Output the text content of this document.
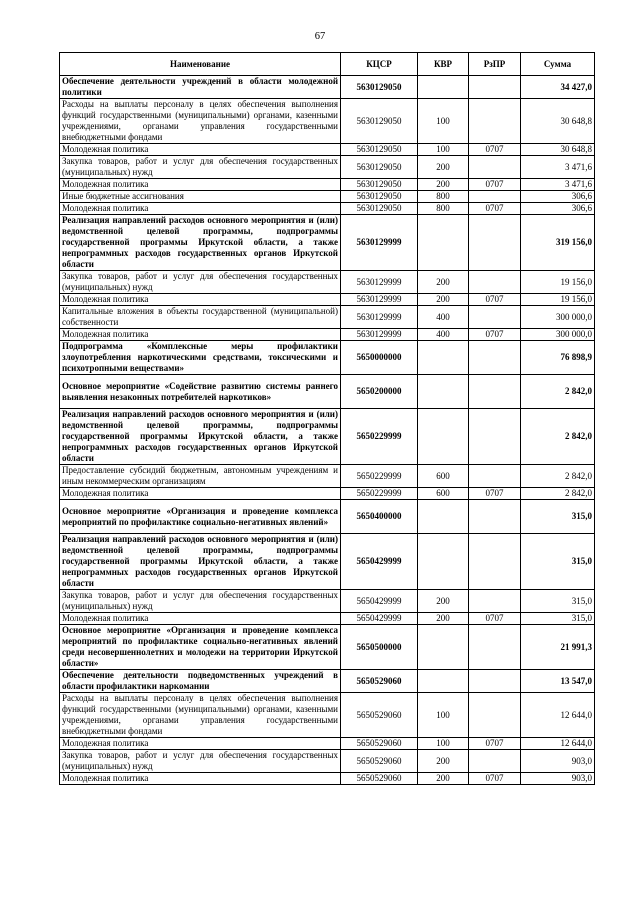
67
Наименование	КЦСР	КВР	РзПР	Сумма
Обеспечение деятельности учреждений в области молодежной политики	5630129050			34 427,0
Расходы на выплаты персоналу в целях обеспечения выполнения функций государственными (муниципальными) органами, казенными учреждениями, органами управления государственными внебюджетными фондами	5630129050	100		30 648,8
Молодежная политика	5630129050	100	0707	30 648,8
Закупка товаров, работ и услуг для обеспечения государственных (муниципальных) нужд	5630129050	200		3 471,6
Молодежная политика	5630129050	200	0707	3 471,6
Иные бюджетные ассигнования	5630129050	800		306,6
Молодежная политика	5630129050	800	0707	306,6
Реализация направлений расходов основного мероприятия и (или) ведомственной целевой программы, подпрограммы государственной программы Иркутской области, а также непрограммных расходов государственных органов Иркутской области	5630129999			319 156,0
Закупка товаров, работ и услуг для обеспечения государственных (муниципальных) нужд	5630129999	200		19 156,0
Молодежная политика	5630129999	200	0707	19 156,0
Капитальные вложения в объекты государственной (муниципальной) собственности	5630129999	400		300 000,0
Молодежная политика	5630129999	400	0707	300 000,0
Подпрограмма «Комплексные меры профилактики злоупотребления наркотическими средствами, токсическими и психотропными веществами»	5650000000			76 898,9
Основное мероприятие «Содействие развитию системы раннего выявления незаконных потребителей наркотиков»	5650200000			2 842,0
Реализация направлений расходов основного мероприятия и (или) ведомственной целевой программы, подпрограммы государственной программы Иркутской области, а также непрограммных расходов государственных органов Иркутской области	5650229999			2 842,0
Предоставление субсидий бюджетным, автономным учреждениям и иным некоммерческим организациям	5650229999	600		2 842,0
Молодежная политика	5650229999	600	0707	2 842,0
Основное мероприятие «Организация и проведение комплекса мероприятий по профилактике социально-негативных явлений»	5650400000			315,0
Реализация направлений расходов основного мероприятия и (или) ведомственной целевой программы, подпрограммы государственной программы Иркутской области, а также непрограммных расходов государственных органов Иркутской области	5650429999			315,0
Закупка товаров, работ и услуг для обеспечения государственных (муниципальных) нужд	5650429999	200		315,0
Молодежная политика	5650429999	200	0707	315,0
Основное мероприятие «Организация и проведение комплекса мероприятий по профилактике социально-негативных явлений среди несовершеннолетних и молодежи на территории Иркутской области»	5650500000			21 991,3
Обеспечение деятельности подведомственных учреждений в области профилактики наркомании	5650529060			13 547,0
Расходы на выплаты персоналу в целях обеспечения выполнения функций государственными (муниципальными) органами, казенными учреждениями, органами управления государственными внебюджетными фондами	5650529060	100		12 644,0
Молодежная политика	5650529060	100	0707	12 644,0
Закупка товаров, работ и услуг для обеспечения государственных (муниципальных) нужд	5650529060	200		903,0
Молодежная политика	5650529060	200	0707	903,0
